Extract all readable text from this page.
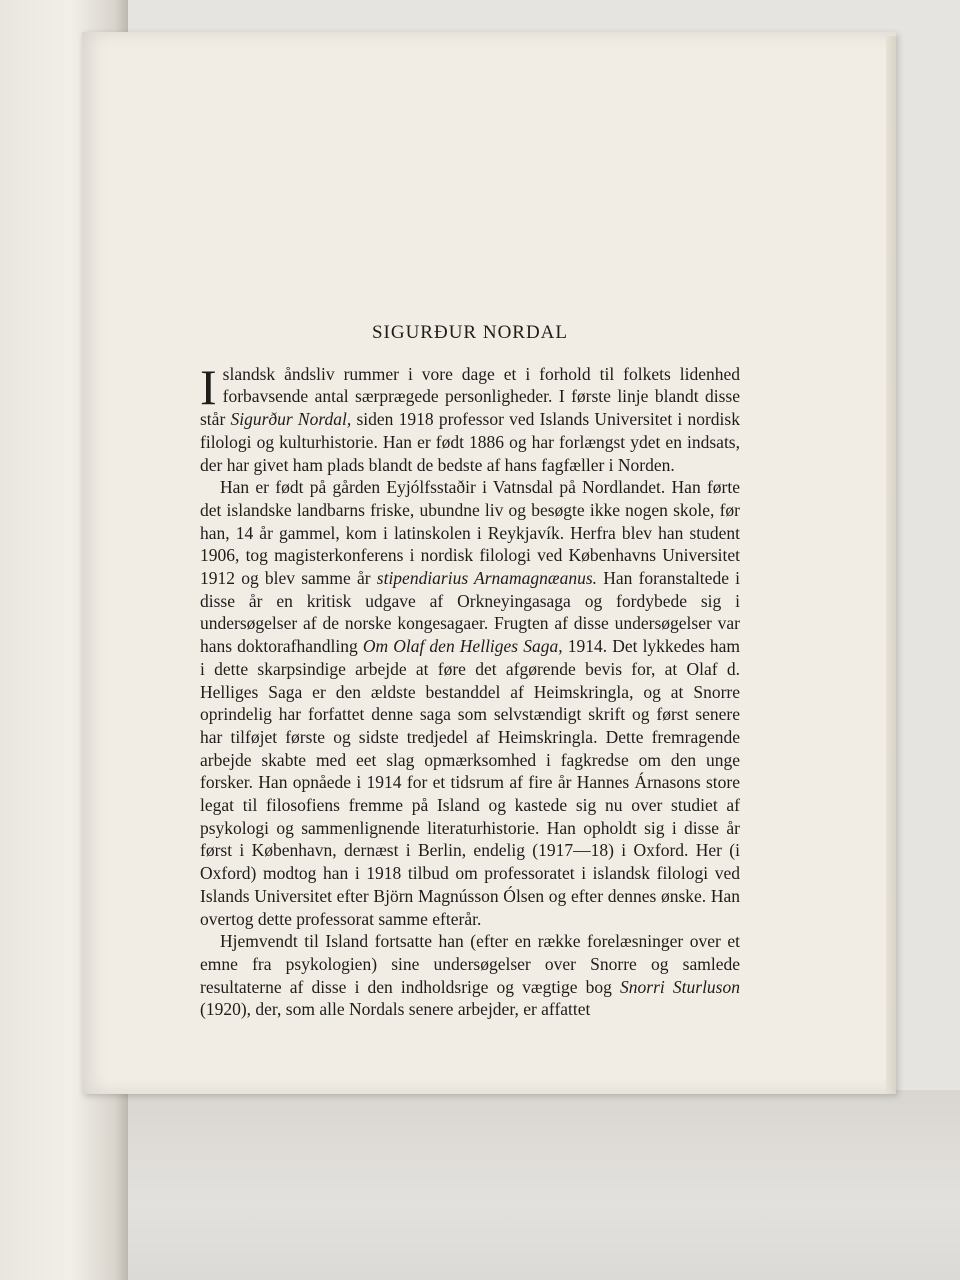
SIGURÐUR NORDAL

Islandsk åndsliv rummer i vore dage et i forhold til folkets lidenhed forbavsende antal særprægede personligheder. I første linje blandt disse står Sigurður Nordal, siden 1918 professor ved Islands Universitet i nordisk filologi og kulturhistorie. Han er født 1886 og har forlængst ydet en indsats, der har givet ham plads blandt de bedste af hans fagfæller i Norden.

Han er født på gården Eyjólfsstaðir i Vatnsdal på Nordlandet. Han førte det islandske landbarns friske, ubundne liv og besøgte ikke nogen skole, før han, 14 år gammel, kom i latinskolen i Reykjavík. Herfra blev han student 1906, tog magisterkonferens i nordisk filologi ved Københavns Universitet 1912 og blev samme år stipendiarius Arnamagnæanus. Han foranstaltede i disse år en kritisk udgave af Orkneyingasaga og fordybede sig i undersøgelser af de norske kongesagaer. Frugten af disse undersøgelser var hans doktorafhandling Om Olaf den Helliges Saga, 1914. Det lykkedes ham i dette skarpsindige arbejde at føre det afgørende bevis for, at Olaf d. Helliges Saga er den ældste bestanddel af Heimskringla, og at Snorre oprindelig har forfattet denne saga som selvstændigt skrift og først senere har tilføjet første og sidste tredjedel af Heimskringla. Dette fremragende arbejde skabte med eet slag opmærksomhed i fagkredse om den unge forsker. Han opnåede i 1914 for et tidsrum af fire år Hannes Árnasons store legat til filosofiens fremme på Island og kastede sig nu over studiet af psykologi og sammenlignende literaturhistorie. Han opholdt sig i disse år først i København, dernæst i Berlin, endelig (1917—18) i Oxford. Her (i Oxford) modtog han i 1918 tilbud om professoratet i islandsk filologi ved Islands Universitet efter Björn Magnússon Ólsen og efter dennes ønske. Han overtog dette professorat samme efterår.

Hjemvendt til Island fortsatte han (efter en række forelæsninger over et emne fra psykologien) sine undersøgelser over Snorre og samlede resultaterne af disse i den indholdsrige og vægtige bog Snorri Sturluson (1920), der, som alle Nordals senere arbejder, er affattet
